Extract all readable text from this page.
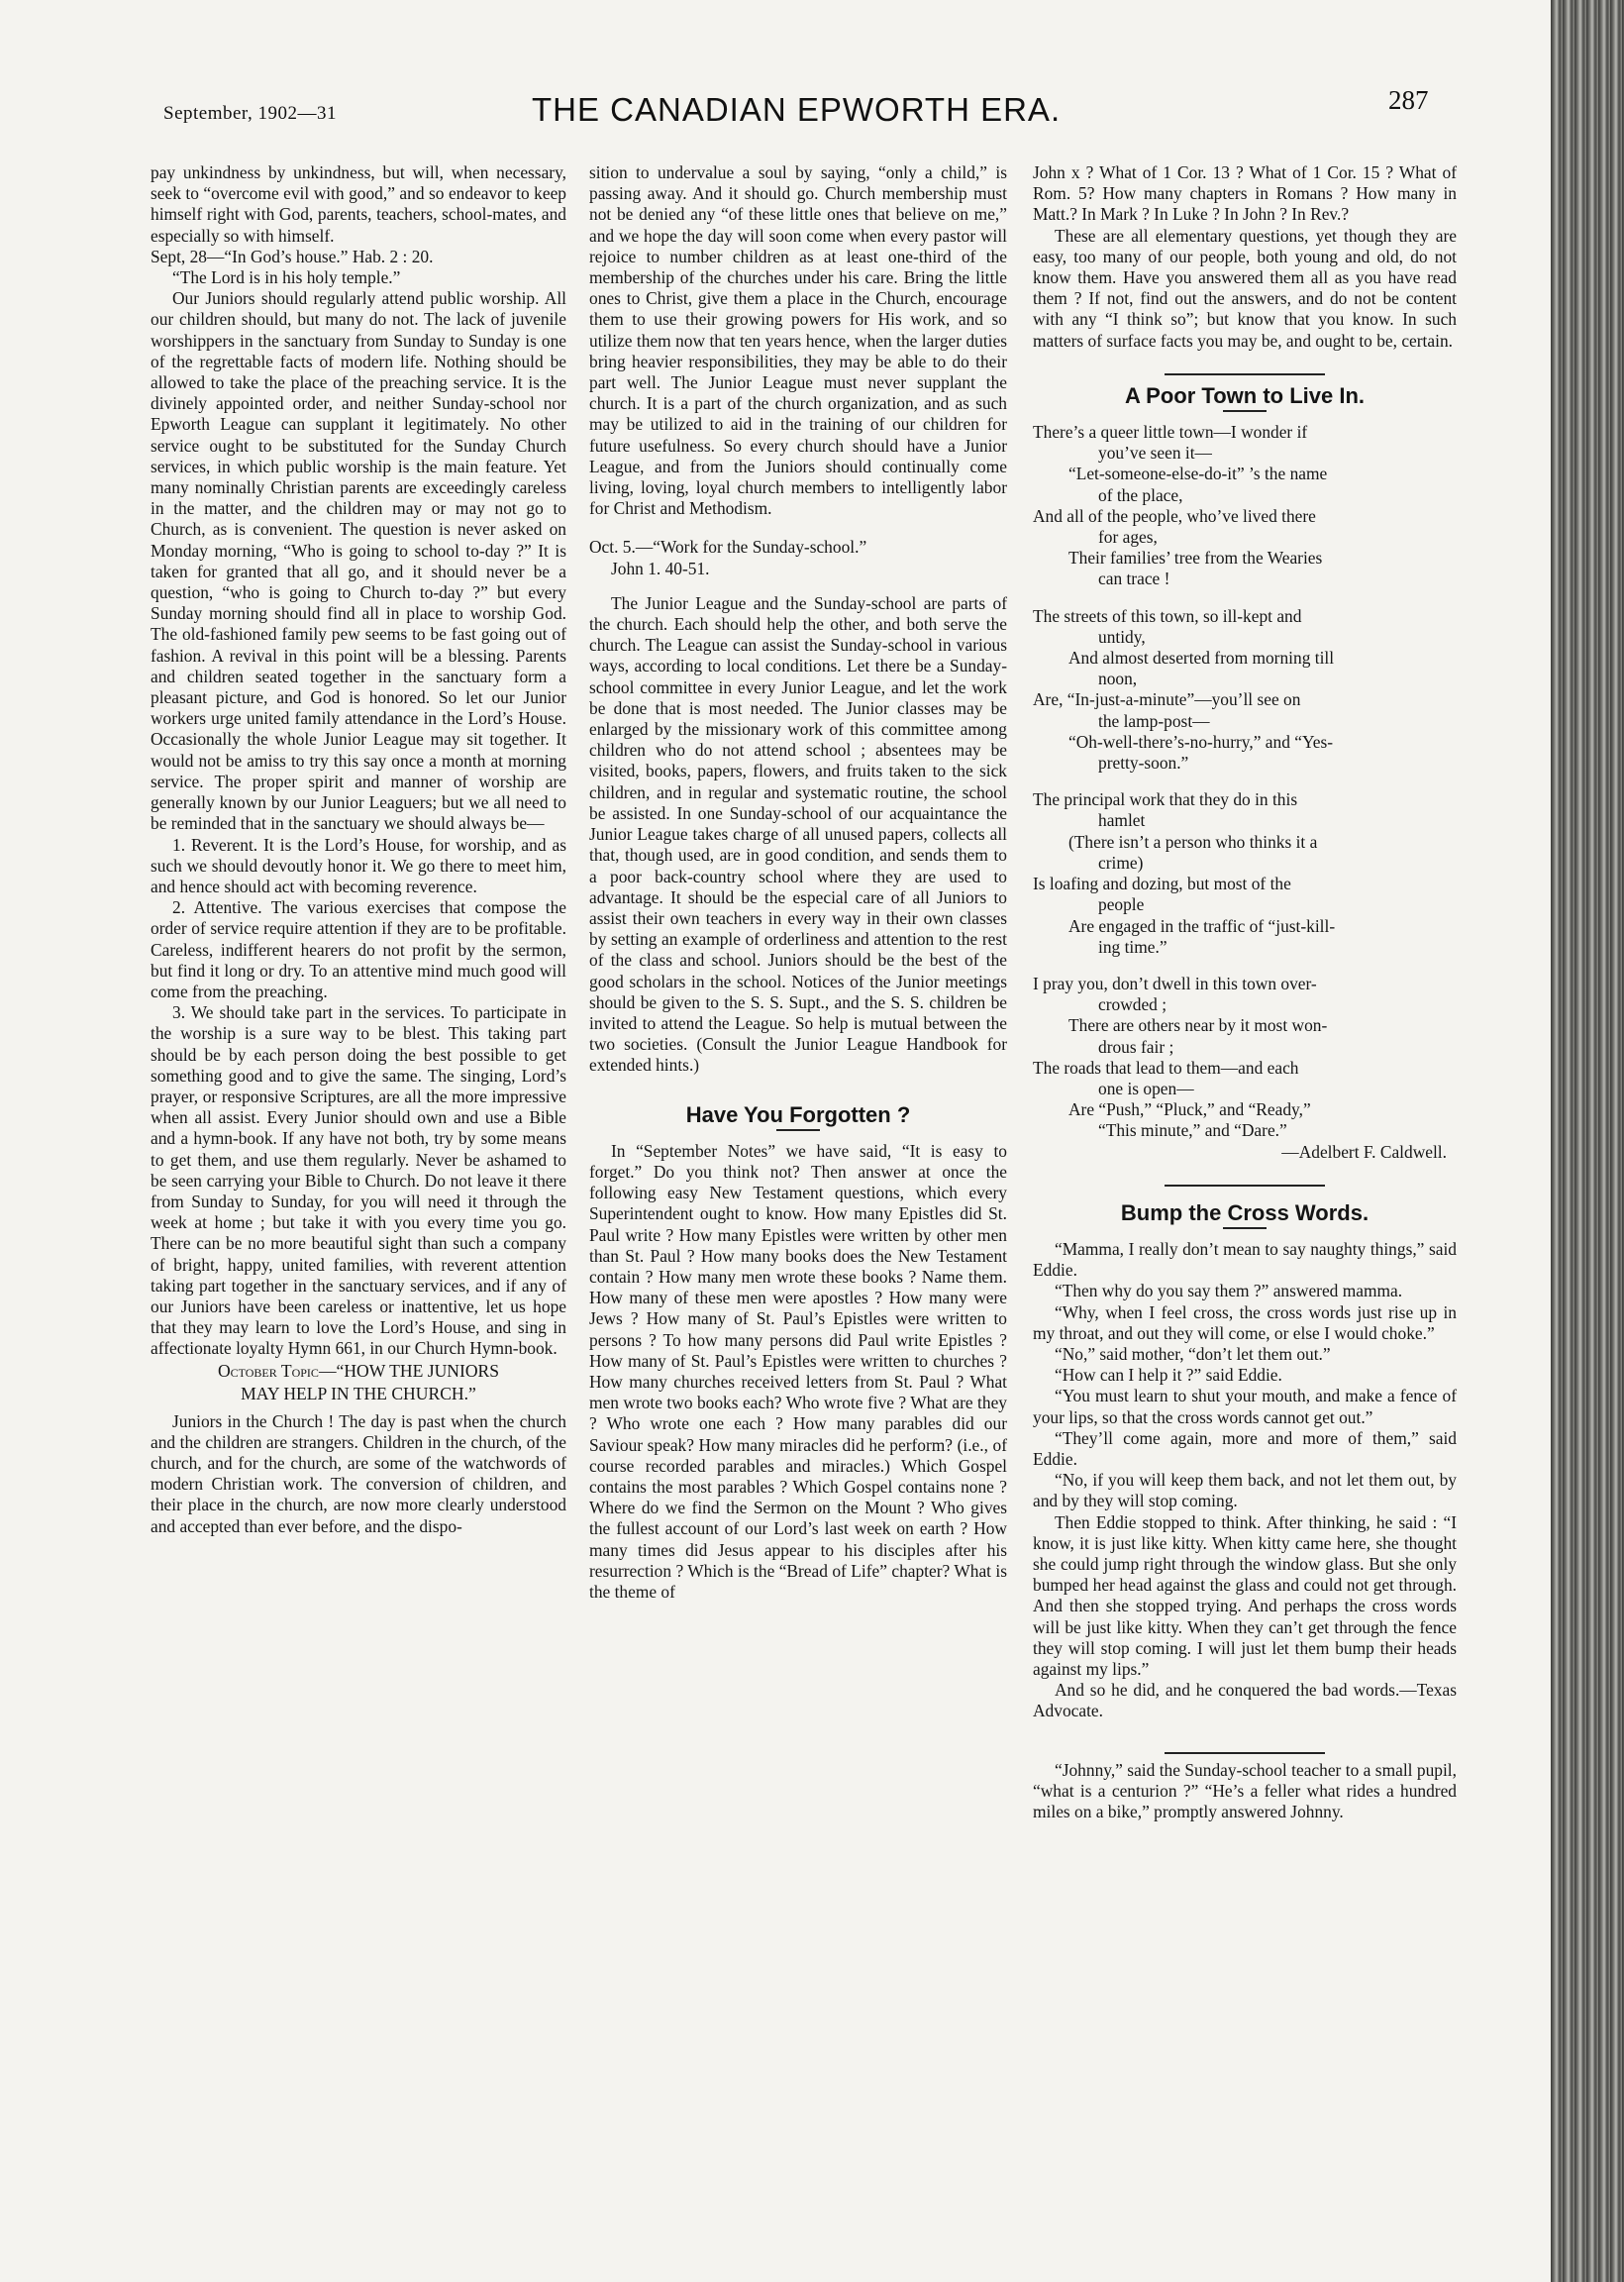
September, 1902—31	THE CANADIAN EPWORTH ERA.	287

pay unkindness by unkindness, but will, when necessary, seek to “overcome evil with good,” and so endeavor to keep himself right with God, parents, teachers, school-mates, and especially so with himself.

Sept, 28—“In God’s house.” Hab. 2 : 20.

“The Lord is in his holy temple.”

Our Juniors should regularly attend public worship. All our children should, but many do not. The lack of juvenile worshippers in the sanctuary from Sunday to Sunday is one of the regrettable facts of modern life. Nothing should be allowed to take the place of the preaching service. It is the divinely appointed order, and neither Sunday-school nor Epworth League can supplant it legitimately. No other service ought to be substituted for the Sunday Church services, in which public worship is the main feature. Yet many nominally Christian parents are exceedingly careless in the matter, and the children may or may not go to Church, as is convenient. The question is never asked on Monday morning, “Who is going to school to-day ?” It is taken for granted that all go, and it should never be a question, “who is going to Church to-day ?” but every Sunday morning should find all in place to worship God. The old-fashioned family pew seems to be fast going out of fashion. A revival in this point will be a blessing. Parents and children seated together in the sanctuary form a pleasant picture, and God is honored. So let our Junior workers urge united family attendance in the Lord’s House. Occasionally the whole Junior League may sit together. It would not be amiss to try this say once a month at morning service. The proper spirit and manner of worship are generally known by our Junior Leaguers; but we all need to be reminded that in the sanctuary we should always be—

1. Reverent. It is the Lord’s House, for worship, and as such we should devoutly honor it. We go there to meet him, and hence should act with becoming reverence.

2. Attentive. The various exercises that compose the order of service require attention if they are to be profitable. Careless, indifferent hearers do not profit by the sermon, but find it long or dry. To an attentive mind much good will come from the preaching.

3. We should take part in the services. To participate in the worship is a sure way to be blest. This taking part should be by each person doing the best possible to get something good and to give the same. The singing, Lord’s prayer, or responsive Scriptures, are all the more impressive when all assist. Every Junior should own and use a Bible and a hymn-book. If any have not both, try by some means to get them, and use them regularly. Never be ashamed to be seen carrying your Bible to Church. Do not leave it there from Sunday to Sunday, for you will need it through the week at home ; but take it with you every time you go. There can be no more beautiful sight than such a company of bright, happy, united families, with reverent attention taking part together in the sanctuary services, and if any of our Juniors have been careless or inattentive, let us hope that they may learn to love the Lord’s House, and sing in affectionate loyalty Hymn 661, in our Church Hymn-book.

October Topic—“HOW THE JUNIORS
MAY HELP IN THE CHURCH.”

Juniors in the Church ! The day is past when the church and the children are strangers. Children in the church, of the church, and for the church, are some of the watchwords of modern Christian work. The conversion of children, and their place in the church, are now more clearly understood and accepted than ever before, and the dispo-

sition to undervalue a soul by saying, “only a child,” is passing away. And it should go. Church membership must not be denied any “of these little ones that believe on me,” and we hope the day will soon come when every pastor will rejoice to number children as at least one-third of the membership of the churches under his care. Bring the little ones to Christ, give them a place in the Church, encourage them to use their growing powers for His work, and so utilize them now that ten years hence, when the larger duties bring heavier responsibilities, they may be able to do their part well. The Junior League must never supplant the church. It is a part of the church organization, and as such may be utilized to aid in the training of our children for future usefulness. So every church should have a Junior League, and from the Juniors should continually come living, loving, loyal church members to intelligently labor for Christ and Methodism.

Oct. 5.—“Work for the Sunday-school.”

John 1. 40-51.

The Junior League and the Sunday-school are parts of the church. Each should help the other, and both serve the church. The League can assist the Sunday-school in various ways, according to local conditions. Let there be a Sunday-school committee in every Junior League, and let the work be done that is most needed. The Junior classes may be enlarged by the missionary work of this committee among children who do not attend school ; absentees may be visited, books, papers, flowers, and fruits taken to the sick children, and in regular and systematic routine, the school be assisted. In one Sunday-school of our acquaintance the Junior League takes charge of all unused papers, collects all that, though used, are in good condition, and sends them to a poor back-country school where they are used to advantage. It should be the especial care of all Juniors to assist their own teachers in every way in their own classes by setting an example of orderliness and attention to the rest of the class and school. Juniors should be the best of the good scholars in the school. Notices of the Junior meetings should be given to the S. S. Supt., and the S. S. children be invited to attend the League. So help is mutual between the two societies. (Consult the Junior League Handbook for extended hints.)

Have You Forgotten ?

In “September Notes” we have said, “It is easy to forget.” Do you think not? Then answer at once the following easy New Testament questions, which every Superintendent ought to know. How many Epistles did St. Paul write ? How many Epistles were written by other men than St. Paul ? How many books does the New Testament contain ? How many men wrote these books ? Name them. How many of these men were apostles ? How many were Jews ? How many of St. Paul’s Epistles were written to persons ? To how many persons did Paul write Epistles ? How many of St. Paul’s Epistles were written to churches ? How many churches received letters from St. Paul ? What men wrote two books each? Who wrote five ? What are they ? Who wrote one each ? How many parables did our Saviour speak? How many miracles did he perform? (i.e., of course recorded parables and miracles.) Which Gospel contains the most parables ? Which Gospel contains none ? Where do we find the Sermon on the Mount ? Who gives the fullest account of our Lord’s last week on earth ? How many times did Jesus appear to his disciples after his resurrection ? Which is the “Bread of Life” chapter? What is the theme of

John x ? What of 1 Cor. 13 ? What of 1 Cor. 15 ? What of Rom. 5? How many chapters in Romans ? How many in Matt.? In Mark ? In Luke ? In John ? In Rev.?

These are all elementary questions, yet though they are easy, too many of our people, both young and old, do not know them. Have you answered them all as you have read them ? If not, find out the answers, and do not be content with any “I think so”; but know that you know. In such matters of surface facts you may be, and ought to be, certain.

A Poor Town to Live In.
There’s a queer little town—I wonder if
you’ve seen it—
“Let-someone-else-do-it” ’s the name
of the place,
And all of the people, who’ve lived there
for ages,
Their families’ tree from the Wearies
can trace !
The streets of this town, so ill-kept and
untidy,
And almost deserted from morning till
noon,
Are, “In-just-a-minute”—you’ll see on
the lamp-post—
“Oh-well-there’s-no-hurry,” and “Yes-
pretty-soon.”
The principal work that they do in this
hamlet
(There isn’t a person who thinks it a
crime)
Is loafing and dozing, but most of the
people
Are engaged in the traffic of “just-kill-
ing time.”
I pray you, don’t dwell in this town over-
crowded ;
There are others near by it most won-
drous fair ;
The roads that lead to them—and each
one is open—
Are “Push,” “Pluck,” and “Ready,”
“This minute,” and “Dare.”

—Adelbert F. Caldwell.

Bump the Cross Words.

“Mamma, I really don’t mean to say naughty things,” said Eddie.

“Then why do you say them ?” answered mamma.

“Why, when I feel cross, the cross words just rise up in my throat, and out they will come, or else I would choke.”

“No,” said mother, “don’t let them out.”

“How can I help it ?” said Eddie.

“You must learn to shut your mouth, and make a fence of your lips, so that the cross words cannot get out.”

“They’ll come again, more and more of them,” said Eddie.

“No, if you will keep them back, and not let them out, by and by they will stop coming.

Then Eddie stopped to think. After thinking, he said : “I know, it is just like kitty. When kitty came here, she thought she could jump right through the window glass. But she only bumped her head against the glass and could not get through. And then she stopped trying. And perhaps the cross words will be just like kitty. When they can’t get through the fence they will stop coming. I will just let them bump their heads against my lips.”

And so he did, and he conquered the bad words.—Texas Advocate.

“Johnny,” said the Sunday-school teacher to a small pupil, “what is a centurion ?” “He’s a feller what rides a hundred miles on a bike,” promptly answered Johnny.
